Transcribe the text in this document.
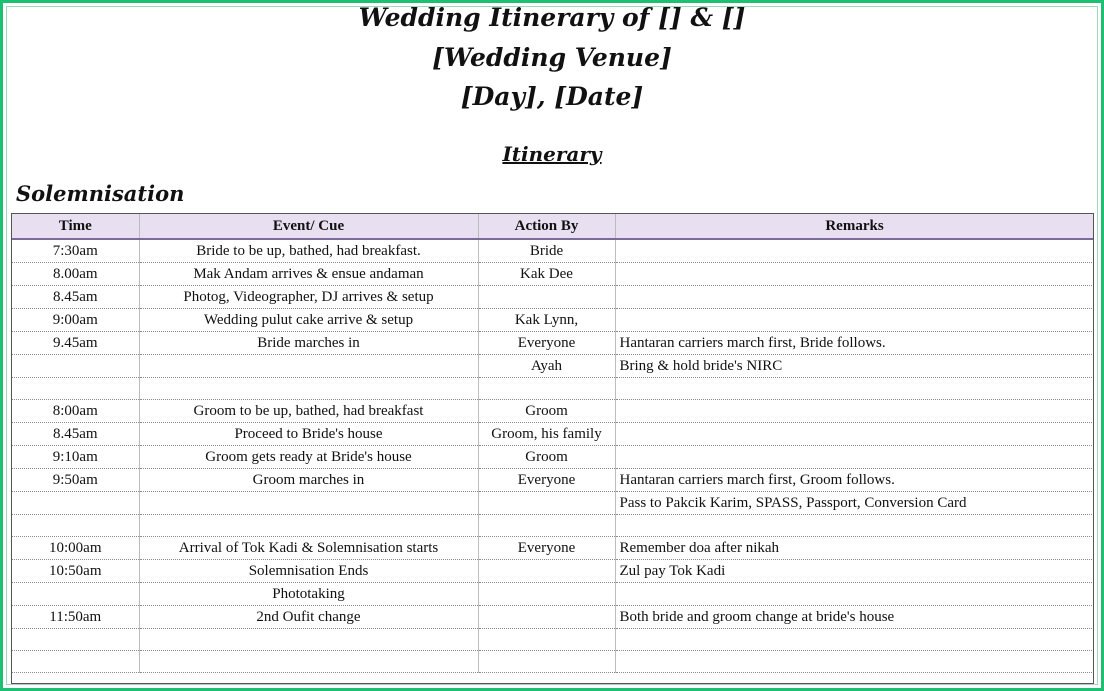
Wedding Itinerary of [] & []
[Wedding Venue]
[Day], [Date]
Itinerary
Solemnisation
Time	Event/ Cue	Action By	Remarks
7:30am	Bride to be up, bathed, had breakfast.	Bride	
8.00am	Mak Andam arrives & ensue andaman	Kak Dee	
8.45am	Photog, Videographer, DJ arrives & setup		
9:00am	Wedding pulut cake arrive & setup	Kak Lynn,	
9.45am	Bride marches in	Everyone	Hantaran carriers march first, Bride follows.
		Ayah	Bring & hold bride's NIRC

8:00am	Groom to be up, bathed, had breakfast	Groom	
8.45am	Proceed to Bride's house	Groom, his family	
9:10am	Groom gets ready at Bride's house	Groom	
9:50am	Groom marches in	Everyone	Hantaran carriers march first, Groom follows.
			Pass to Pakcik Karim, SPASS, Passport, Conversion Card

10:00am	Arrival of Tok Kadi & Solemnisation starts	Everyone	Remember doa after nikah
10:50am	Solemnisation Ends		Zul pay Tok Kadi
	Phototaking		
11:50am	2nd Oufit change		Both bride and groom change at bride's house
